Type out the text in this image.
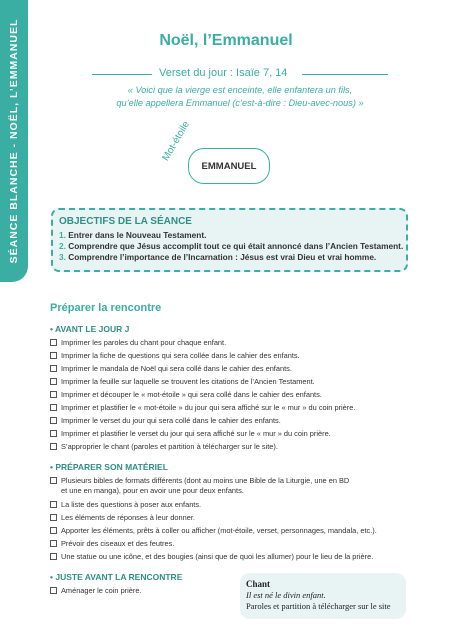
SÉANCE BLANCHE - NOËL, L’EMMANUEL	Noël, l’Emmanuel
Verset du jour : Isaïe 7, 14
« Voici que la vierge est enceinte, elle enfantera un fils,
qu’elle appellera Emmanuel (c’est-à-dire : Dieu-avec-nous) »
Mot-étoile
EMMANUEL
OBJECTIFS DE LA SÉANCE
1. Entrer dans le Nouveau Testament.
2. Comprendre que Jésus accomplit tout ce qui était annoncé dans l’Ancien Testament.
3. Comprendre l’importance de l’Incarnation : Jésus est vrai Dieu et vrai homme.
Préparer la rencontre
• AVANT LE JOUR J
Imprimer les paroles du chant pour chaque enfant.
Imprimer la fiche de questions qui sera collée dans le cahier des enfants.
Imprimer le mandala de Noël qui sera collé dans le cahier des enfants.
Imprimer la feuille sur laquelle se trouvent les citations de l’Ancien Testament.
Imprimer et découper le « mot-étoile » qui sera collé dans le cahier des enfants.
Imprimer et plastifier le « mot-étoile » du jour qui sera affiché sur le « mur » du coin prière.
Imprimer le verset du jour qui sera collé dans le cahier des enfants.
Imprimer et plastifier le verset du jour qui sera affiché sur le « mur » du coin prière.
S’approprier le chant (paroles et partition à télécharger sur le site).
• PRÉPARER SON MATÉRIEL
Plusieurs bibles de formats différents (dont au moins une Bible de la Liturgie, une en BD
et une en manga), pour en avoir une pour deux enfants.
La liste des questions à poser aux enfants.
Les éléments de réponses à leur donner.
Apporter les éléments, prêts à coller ou afficher (mot-étoile, verset, personnages, mandala, etc.).
Prévoir des ciseaux et des feutres.
Une statue ou une icône, et des bougies (ainsi que de quoi les allumer) pour le lieu de la prière.
• JUSTE AVANT LA RENCONTRE
Aménager le coin prière.
Chant
Il est né le divin enfant.
Paroles et partition à télécharger sur le site
